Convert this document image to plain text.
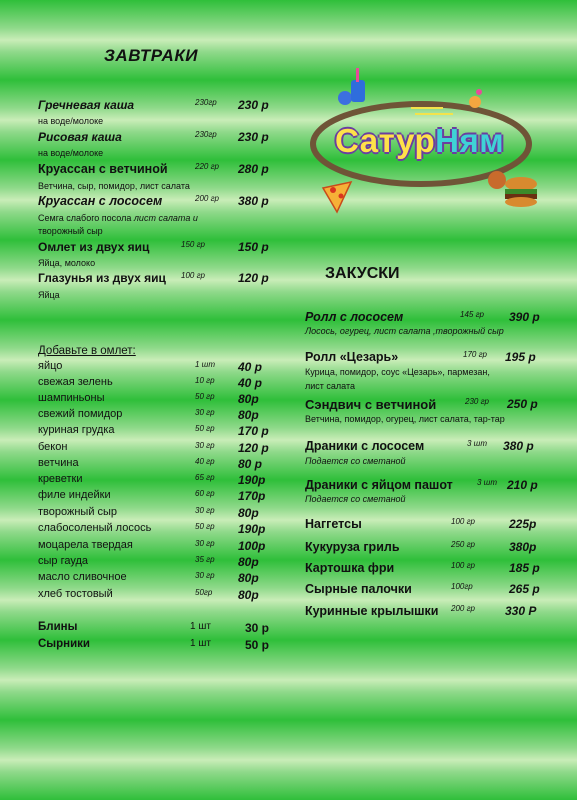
ЗАВТРАКИ
Гречневая каша	230гр 230 р
на воде/молоке
Рисовая каша	230гр 230 р
на воде/молоке
Круассан с ветчиной	220 гр 280 р
Ветчина, сыр, помидор, лист салата
Круассан с лососем	200 гр 380 р
Семга слабого посола лист салата и
творожный сыр
Омлет из двух яиц	150 гр	150 р
Яйца, молоко
Глазунья из двух яиц 100 гр	120 р
Яйца
Добавьте в омлет:
яйцо	1 шт 40 р
свежая зелень	10 гр 40 р
шампиньоны	50 гр 80р
свежий помидор	30 гр 80р
куриная грудка	50 гр 170 р
бекон	30 гр 120 р
ветчина	40 гр 80 р
креветки	65 гр 190р
филе индейки	60 гр 170р
творожный сыр	30 гр 80р
слабосоленый лосось	50 гр 190р
моцарела твердая	30 гр 100р
сыр гауда	35 гр 80р
масло сливочное	30 гр 80р
хлеб тостовый	50гр 80р
Блины	1 шт	30 р
Сырники	1 шт	50 р
СатурНям
ЗАКУСКИ
Ролл с лососем	145 гр 390 р
Лосось, огурец, лист салата ,творожный сыр
Ролл «Цезарь»	170 гр 195 р
Курица, помидор, соус «Цезарь», пармезан,
лист салата
Сэндвич с ветчиной	230 гр 250 р
Ветчина, помидор, огурец, лист салата, тар-тар
Драники с лососем	3 шт 380 р
Подается со сметаной
Драники с яйцом пашот	3 шт 210 р
Подается со сметаной
Наггетсы	100 гр	225р
Кукуруза гриль	250 гр	380р
Картошка фри	100 гр	185 р
Сырные палочки	100гр	265 р
Куринные крылышки 200 гр	330 Р
